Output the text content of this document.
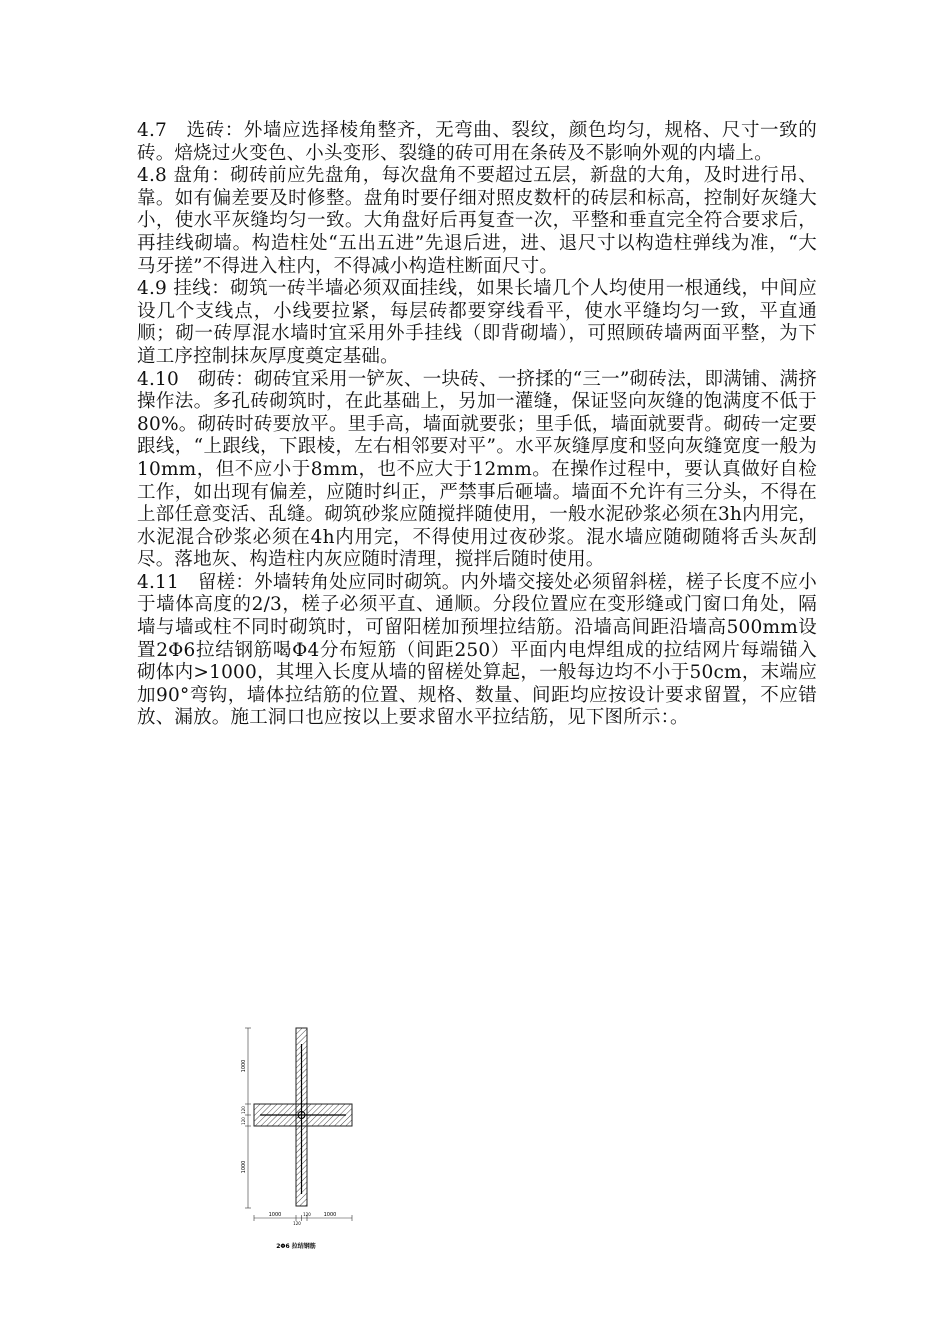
4.7　选砖：外墙应选择棱角整齐，无弯曲、裂纹，颜色均匀，规格、尺寸一致的砖。焙烧过火变色、小头变形、裂缝的砖可用在条砖及不影响外观的内墙上。

4.8 盘角：砌砖前应先盘角，每次盘角不要超过五层，新盘的大角，及时进行吊、靠。如有偏差要及时修整。盘角时要仔细对照皮数杆的砖层和标高，控制好灰缝大小，使水平灰缝均匀一致。大角盘好后再复查一次，平整和垂直完全符合要求后，再挂线砌墙。构造柱处“五出五进”先退后进，进、退尺寸以构造柱弹线为准，“大马牙搓”不得进入柱内，不得减小构造柱断面尺寸。

4.9 挂线：砌筑一砖半墙必须双面挂线，如果长墙几个人均使用一根通线，中间应设几个支线点，小线要拉紧，每层砖都要穿线看平，使水平缝均匀一致，平直通顺；砌一砖厚混水墙时宜采用外手挂线（即背砌墙），可照顾砖墙两面平整，为下道工序控制抹灰厚度奠定基础。

4.10　砌砖：砌砖宜采用一铲灰、一块砖、一挤揉的“三一”砌砖法，即满铺、满挤操作法。多孔砖砌筑时，在此基础上，另加一灌缝，保证竖向灰缝的饱满度不低于80%。砌砖时砖要放平。里手高，墙面就要张；里手低，墙面就要背。砌砖一定要跟线，“上跟线，下跟棱，左右相邻要对平”。水平灰缝厚度和竖向灰缝宽度一般为10mm，但不应小于8mm，也不应大于12mm。在操作过程中，要认真做好自检工作，如出现有偏差，应随时纠正，严禁事后砸墙。墙面不允许有三分头，不得在上部任意变活、乱缝。砌筑砂浆应随搅拌随使用，一般水泥砂浆必须在3h内用完，水泥混合砂浆必须在4h内用完，不得使用过夜砂浆。混水墙应随砌随将舌头灰刮尽。落地灰、构造柱内灰应随时清理，搅拌后随时使用。

4.11　留槎：外墙转角处应同时砌筑。内外墙交接处必须留斜槎，槎子长度不应小于墙体高度的2/3，槎子必须平直、通顺。分段位置应在变形缝或门窗口角处，隔墙与墙或柱不同时砌筑时，可留阳槎加预埋拉结筋。沿墙高间距沿墙高500mm设置2Φ6拉结钢筋喝Φ4分布短筋（间距250）平面内电焊组成的拉结网片每端锚入砌体内>1000，其埋入长度从墙的留槎处算起，一般每边均不小于50cm，末端应加90°弯钩，墙体拉结筋的位置、规格、数量、间距均应按设计要求留置，不应错放、漏放。施工洞口也应按以上要求留水平拉结筋，见下图所示：。

1000
120
120
1000
1000
120
120	1000
2Φ6 拉结钢筋
